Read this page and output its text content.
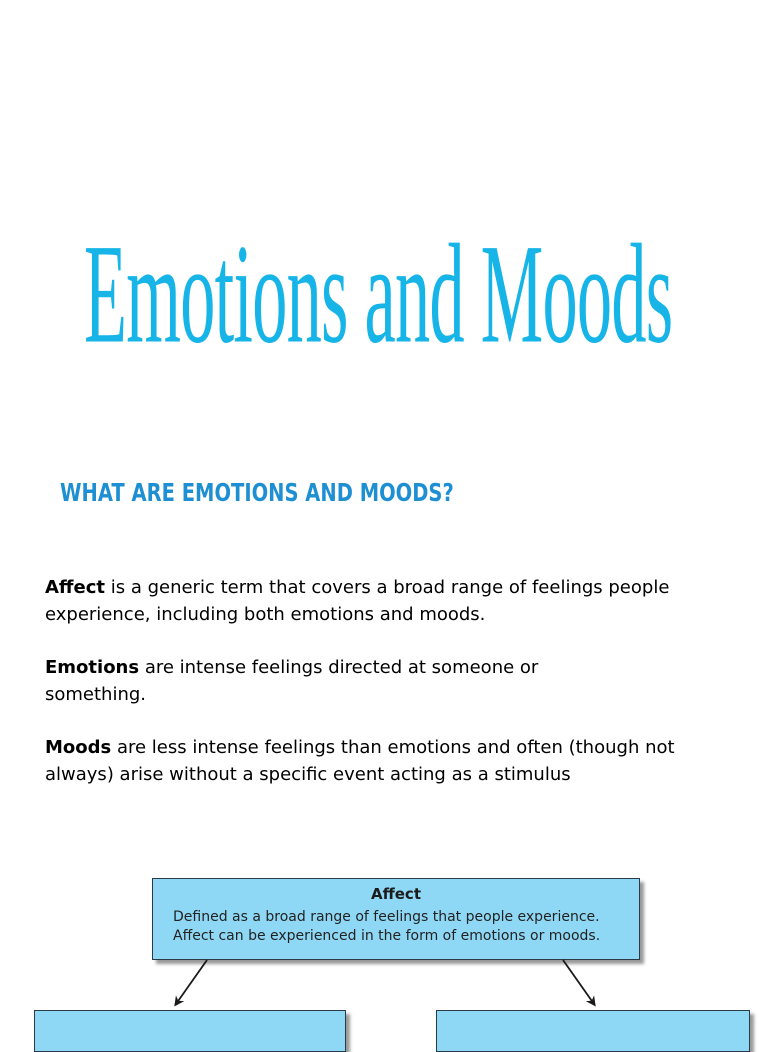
Emotions and Moods
WHAT ARE EMOTIONS AND MOODS?

Affect is a generic term that covers a broad range of feelings people experience, including both emotions and moods.

Emotions are intense feelings directed at someone or something.

Moods are less intense feelings than emotions and often (though not always) arise without a specific event acting as a stimulus

Affect
Defined as a broad range of feelings that people experience.
Affect can be experienced in the form of emotions or moods.
